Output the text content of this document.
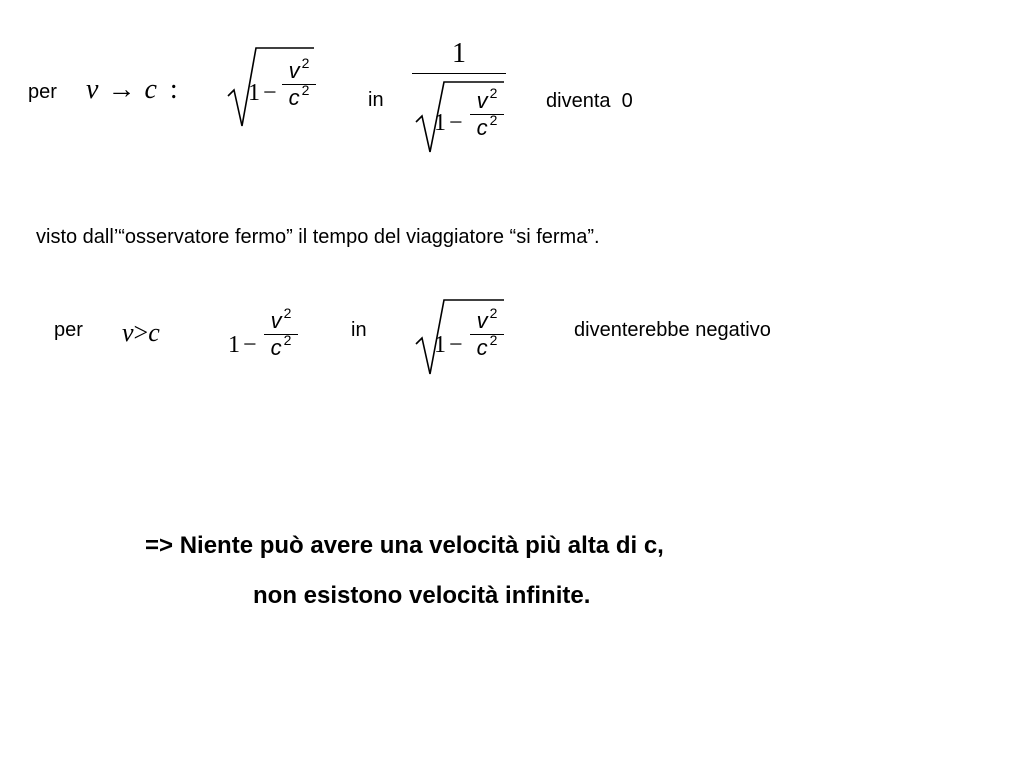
per v → c :	1 −
v $^2$
c $^2$	in
1
1 −
v $^2$
c $^2$
diventa  0
visto dall’“osservatore fermo” il tempo del viaggiatore “si ferma”.
per v>c	1 −
v $^2$
c $^2$	in
1 −
v $^2$
c $^2$	diventerebbe negativo
=> Niente può avere una velocità più alta di c,
non esistono velocità infinite.
